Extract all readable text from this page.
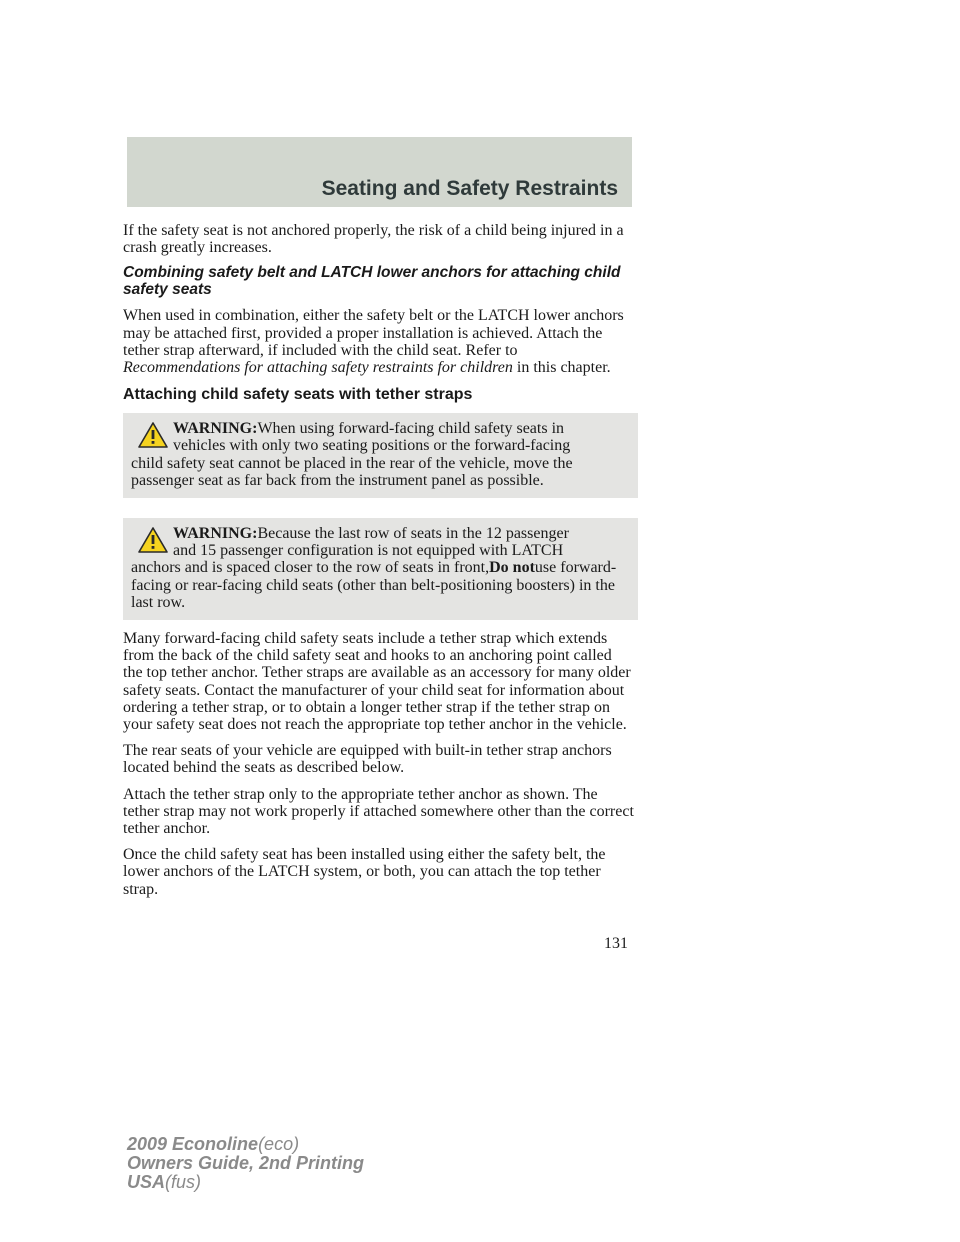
Seating and Safety Restraints

If the safety seat is not anchored properly, the risk of a child being injured in a crash greatly increases.

Combining safety belt and LATCH lower anchors for attaching child safety seats

When used in combination, either the safety belt or the LATCH lower anchors may be attached first, provided a proper installation is achieved. Attach the tether strap afterward, if included with the child seat. Refer to Recommendations for attaching safety restraints for children in this chapter.

Attaching child safety seats with tether straps

WARNING:When using forward-facing child safety seats in
vehicles with only two seating positions or the forward-facing
child safety seat cannot be placed in the rear of the vehicle, move the passenger seat as far back from the instrument panel as possible.

WARNING:Because the last row of seats in the 12 passenger
and 15 passenger configuration is not equipped with LATCH
anchors and is spaced closer to the row of seats in front,Do notuse forward-facing or rear-facing child seats (other than belt-positioning boosters) in the last row.

Many forward-facing child safety seats include a tether strap which extends from the back of the child safety seat and hooks to an anchoring point called the top tether anchor. Tether straps are available as an accessory for many older safety seats. Contact the manufacturer of your child seat for information about ordering a tether strap, or to obtain a longer tether strap if the tether strap on your safety seat does not reach the appropriate top tether anchor in the vehicle.

The rear seats of your vehicle are equipped with built-in tether strap anchors located behind the seats as described below.

Attach the tether strap only to the appropriate tether anchor as shown. The tether strap may not work properly if attached somewhere other than the correct tether anchor.

Once the child safety seat has been installed using either the safety belt, the lower anchors of the LATCH system, or both, you can attach the top tether strap.

131
2009 Econoline(eco)
Owners Guide, 2nd Printing
USA(fus)
